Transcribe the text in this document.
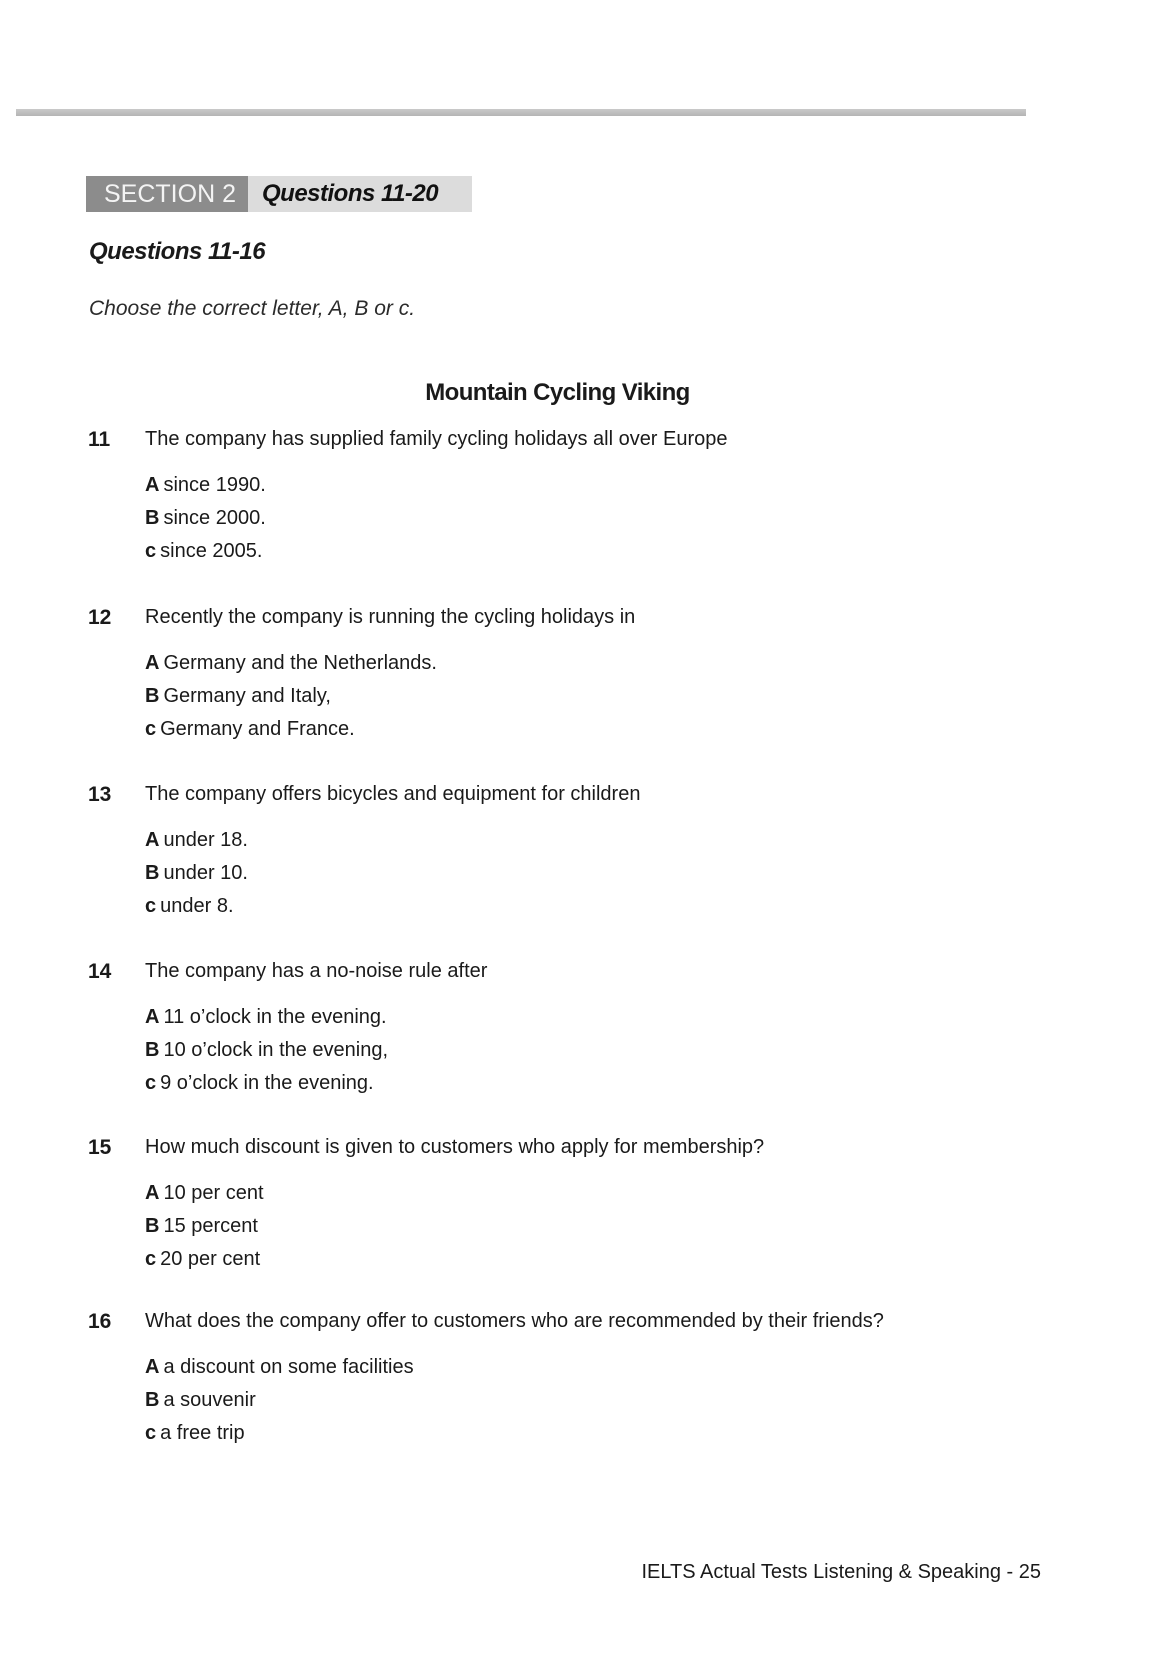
SECTION 2	Questions 11-20
Questions 11-16
Choose the correct letter, A, B or c.
Mountain Cycling Viking
11 The company has supplied family cycling holidays all over Europe
A since 1990.
B since 2000.
c since 2005.
12 Recently the company is running the cycling holidays in
A Germany and the Netherlands.
B Germany and Italy,
c Germany and France.
13 The company offers bicycles and equipment for children
A under 18.
B under 10.
c under 8.
14 The company has a no-noise rule after
A 11 o’clock in the evening.
B 10 o’clock in the evening,
c 9 o’clock in the evening.
15 How much discount is given to customers who apply for membership?
A 10 per cent
B 15 percent
c 20 per cent
16 What does the company offer to customers who are recommended by their friends?
A a discount on some facilities
B a souvenir
c a free trip
IELTS Actual Tests Listening & Speaking - 25
